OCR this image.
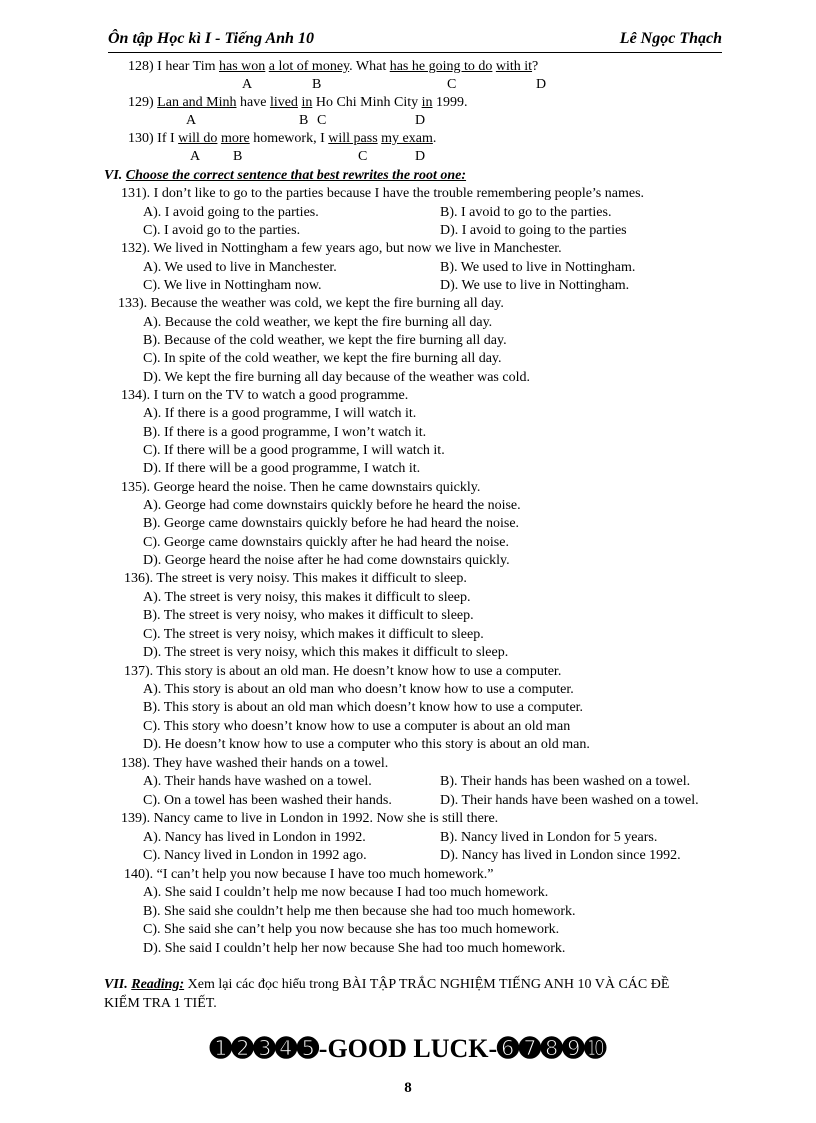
Ôn tập Học kì I - Tiếng Anh 10	Lê Ngọc Thạch
128) I hear Tim has won a lot of money. What has he going to do with it?
A	B	C	D
129) Lan and Minh have lived in Ho Chi Minh City in 1999.
A	B C	D
130) If I will do more homework, I will pass my exam.
A B	C	D
VI. Choose the correct sentence that best rewrites the root one:
131). I don’t like to go to the parties because I have the trouble remembering people’s names.
A). I avoid going to the parties.	B). I avoid to go to the parties.
C). I avoid go to the parties.	D). I avoid to going to the parties
132). We lived in Nottingham a few years ago, but now we live in Manchester.
A). We used to live in Manchester.	B). We used to live in Nottingham.
C). We live in Nottingham now.	D). We use to live in Nottingham.
133). Because the weather was cold, we kept the fire burning all day.
A). Because the cold weather, we kept the fire burning all day.
B). Because of the cold weather, we kept the fire burning all day.
C). In spite of the cold weather, we kept the fire burning all day.
D). We kept the fire burning all day because of the weather was cold.
134). I turn on the TV to watch a good programme.
A). If there is a good programme, I will watch it.
B). If there is a good programme, I won’t watch it.
C). If there will be a good programme, I will watch it.
D). If there will be a good programme, I watch it.
135). George heard the noise. Then he came downstairs quickly.
A). George had come downstairs quickly before he heard the noise.
B). George came downstairs quickly before he had heard the noise.
C). George came downstairs quickly after he had heard the noise.
D). George heard the noise after he had come downstairs quickly.
136). The street is very noisy. This makes it difficult to sleep.
A). The street is very noisy, this makes it difficult to sleep.
B). The street is very noisy, who makes it difficult to sleep.
C). The street is very noisy, which makes it difficult to sleep.
D). The street is very noisy, which this makes it difficult to sleep.
137). This story is about an old man. He doesn’t know how to use a computer.
A). This story is about an old man who doesn’t know how to use a computer.
B). This story is about an old man which doesn’t know how to use a computer.
C). This story who doesn’t know how to use a computer is about an old man
D). He doesn’t know how to use a computer who this story is about an old man.
138). They have washed their hands on a towel.
A). Their hands have washed on a towel.	B). Their hands has been washed on a towel.
C). On a towel has been washed their hands.	D). Their hands have been washed on a towel.
139). Nancy came to live in London in 1992. Now she is still there.
A). Nancy has lived in London in 1992.	B). Nancy lived in London for 5 years.
C). Nancy lived in London in 1992 ago.	D). Nancy has lived in London since 1992.
140). “I can’t help you now because I have too much homework.”
A). She said I couldn’t help me now because I had too much homework.
B). She said she couldn’t help me then because she had too much homework.
C). She said she can’t help you now because she has too much homework.
D). She said I couldn’t help her now because She had too much homework.
VII. Reading: Xem lại các đọc hiểu trong BÀI TẬP TRẮC NGHIỆM TIẾNG ANH 10 VÀ CÁC ĐỀ
KIỂM TRA 1 TIẾT.
➊➋➌➍➎-GOOD LUCK-➏➐➑➒➓
8
